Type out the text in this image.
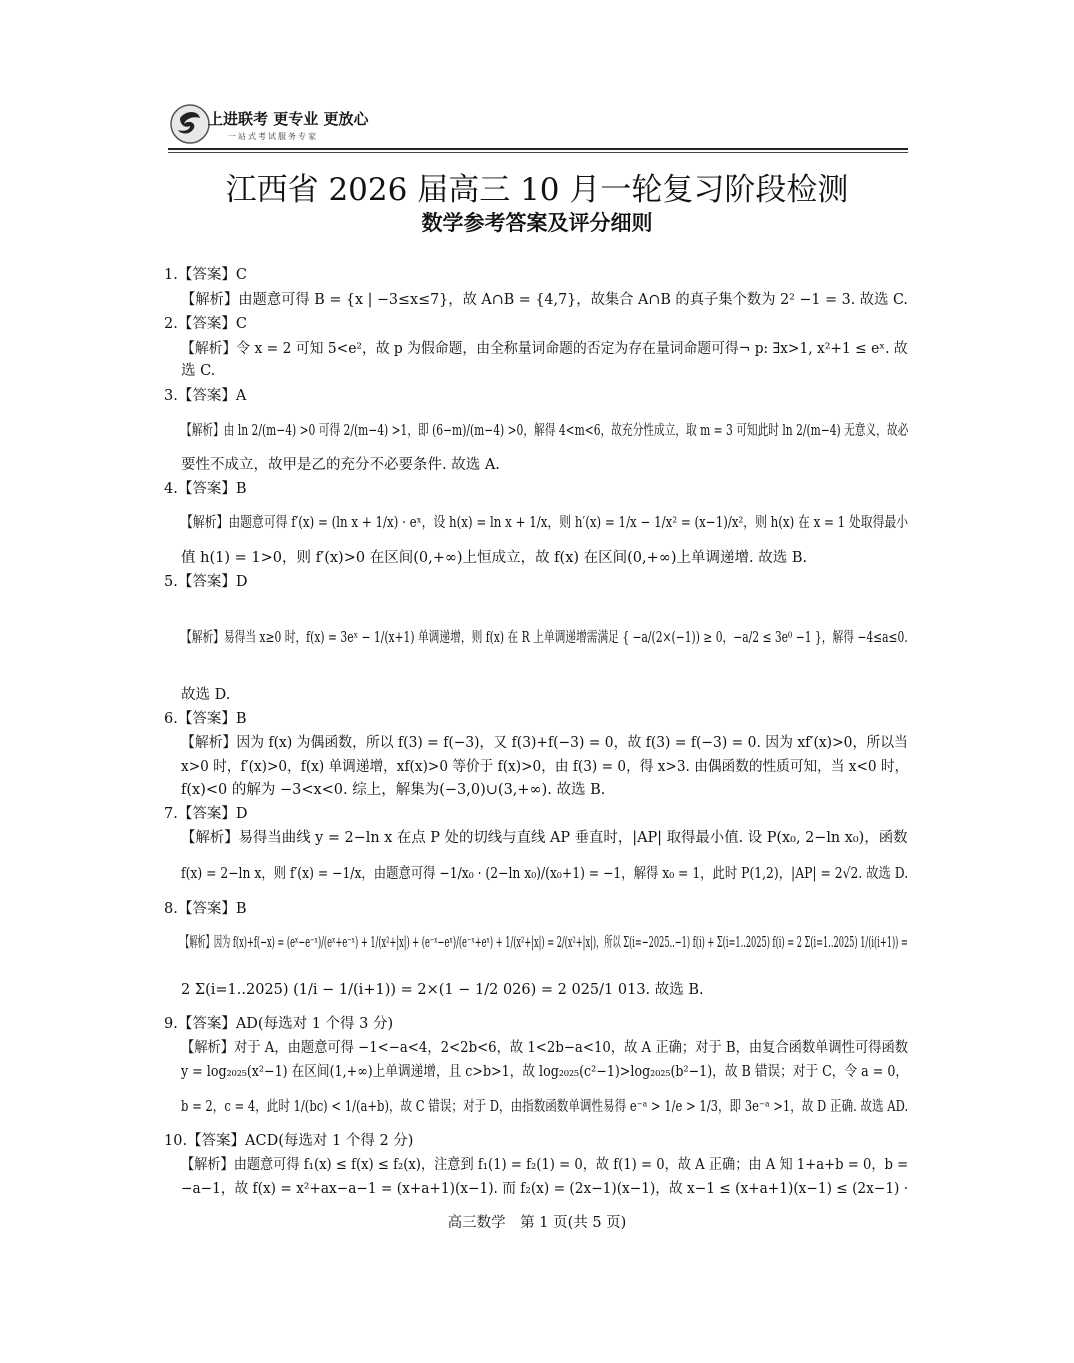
上进联考 更专业 更放心
一站式考试服务专家
江西省 2026 届高三 10 月一轮复习阶段检测
数学参考答案及评分细则
1.【答案】C
【解析】由题意可得 B = {x | −3≤x≤7}，故 A∩B = {4,7}，故集合 A∩B 的真子集个数为 2² −1 = 3. 故选 C.
2.【答案】C
【解析】令 x = 2 可知 5<e²，故 p 为假命题，由全称量词命题的否定为存在量词命题可得¬ p: ∃x>1, x²+1 ≤ eˣ. 故
选 C.
3.【答案】A
【解析】由 ln 2/(m−4) >0 可得 2/(m−4) >1，即 (6−m)/(m−4) >0，解得 4<m<6，故充分性成立，取 m = 3 可知此时 ln 2/(m−4) 无意义，故必
要性不成立，故甲是乙的充分不必要条件. 故选 A.
4.【答案】B
【解析】由题意可得 f′(x) = (ln x + 1/x) · eˣ，设 h(x) = ln x + 1/x，则 h′(x) = 1/x − 1/x² = (x−1)/x²，则 h(x) 在 x = 1 处取得最小
值 h(1) = 1>0，则 f′(x)>0 在区间(0,+∞)上恒成立，故 f(x) 在区间(0,+∞)上单调递增. 故选 B.
5.【答案】D
【解析】易得当 x≥0 时，f(x) = 3eˣ − 1/(x+1) 单调递增，则 f(x) 在 R 上单调递增需满足 { −a/(2×(−1)) ≥ 0，−a/2 ≤ 3e⁰ −1 }，解得 −4≤a≤0.
故选 D.
6.【答案】B
【解析】因为 f(x) 为偶函数，所以 f(3) = f(−3)，又 f(3)+f(−3) = 0，故 f(3) = f(−3) = 0. 因为 xf′(x)>0，所以当
x>0 时，f′(x)>0，f(x) 单调递增，xf(x)>0 等价于 f(x)>0，由 f(3) = 0，得 x>3. 由偶函数的性质可知，当 x<0 时，
f(x)<0 的解为 −3<x<0. 综上，解集为(−3,0)∪(3,+∞). 故选 B.
7.【答案】D
【解析】易得当曲线 y = 2−ln x 在点 P 处的切线与直线 AP 垂直时，|AP| 取得最小值. 设 P(x₀, 2−ln x₀)，函数
f(x) = 2−ln x，则 f′(x) = −1/x，由题意可得 −1/x₀ · (2−ln x₀)/(x₀+1) = −1，解得 x₀ = 1，此时 P(1,2)，|AP| = 2√2. 故选 D.
8.【答案】B
【解析】因为 f(x)+f(−x) = (eˣ−e⁻ˣ)/(eˣ+e⁻ˣ) + 1/(x²+|x|) + (e⁻ˣ−eˣ)/(e⁻ˣ+eˣ) + 1/(x²+|x|) = 2/(x²+|x|)，所以 Σ(i=−2025..−1) f(i) + Σ(i=1..2025) f(i) = 2 Σ(i=1..2025) 1/(i(i+1)) =
2 Σ(i=1..2025) (1/i − 1/(i+1)) = 2×(1 − 1/2 026) = 2 025/1 013. 故选 B.
9.【答案】AD(每选对 1 个得 3 分)
【解析】对于 A，由题意可得 −1<−a<4，2<2b<6，故 1<2b−a<10，故 A 正确；对于 B，由复合函数单调性可得函数
y = log₂₀₂₅(x²−1) 在区间(1,+∞)上单调递增，且 c>b>1，故 log₂₀₂₅(c²−1)>log₂₀₂₅(b²−1)，故 B 错误；对于 C，令 a = 0，
b = 2，c = 4，此时 1/(bc) < 1/(a+b)，故 C 错误；对于 D，由指数函数单调性易得 e⁻ᵃ > 1/e > 1/3，即 3e⁻ᵃ >1，故 D 正确. 故选 AD.
10.【答案】ACD(每选对 1 个得 2 分)
【解析】由题意可得 f₁(x) ≤ f(x) ≤ f₂(x)，注意到 f₁(1) = f₂(1) = 0，故 f(1) = 0，故 A 正确；由 A 知 1+a+b = 0，b =
−a−1，故 f(x) = x²+ax−a−1 = (x+a+1)(x−1). 而 f₂(x) = (2x−1)(x−1)，故 x−1 ≤ (x+a+1)(x−1) ≤ (2x−1) ·
高三数学　第 1 页(共 5 页)
